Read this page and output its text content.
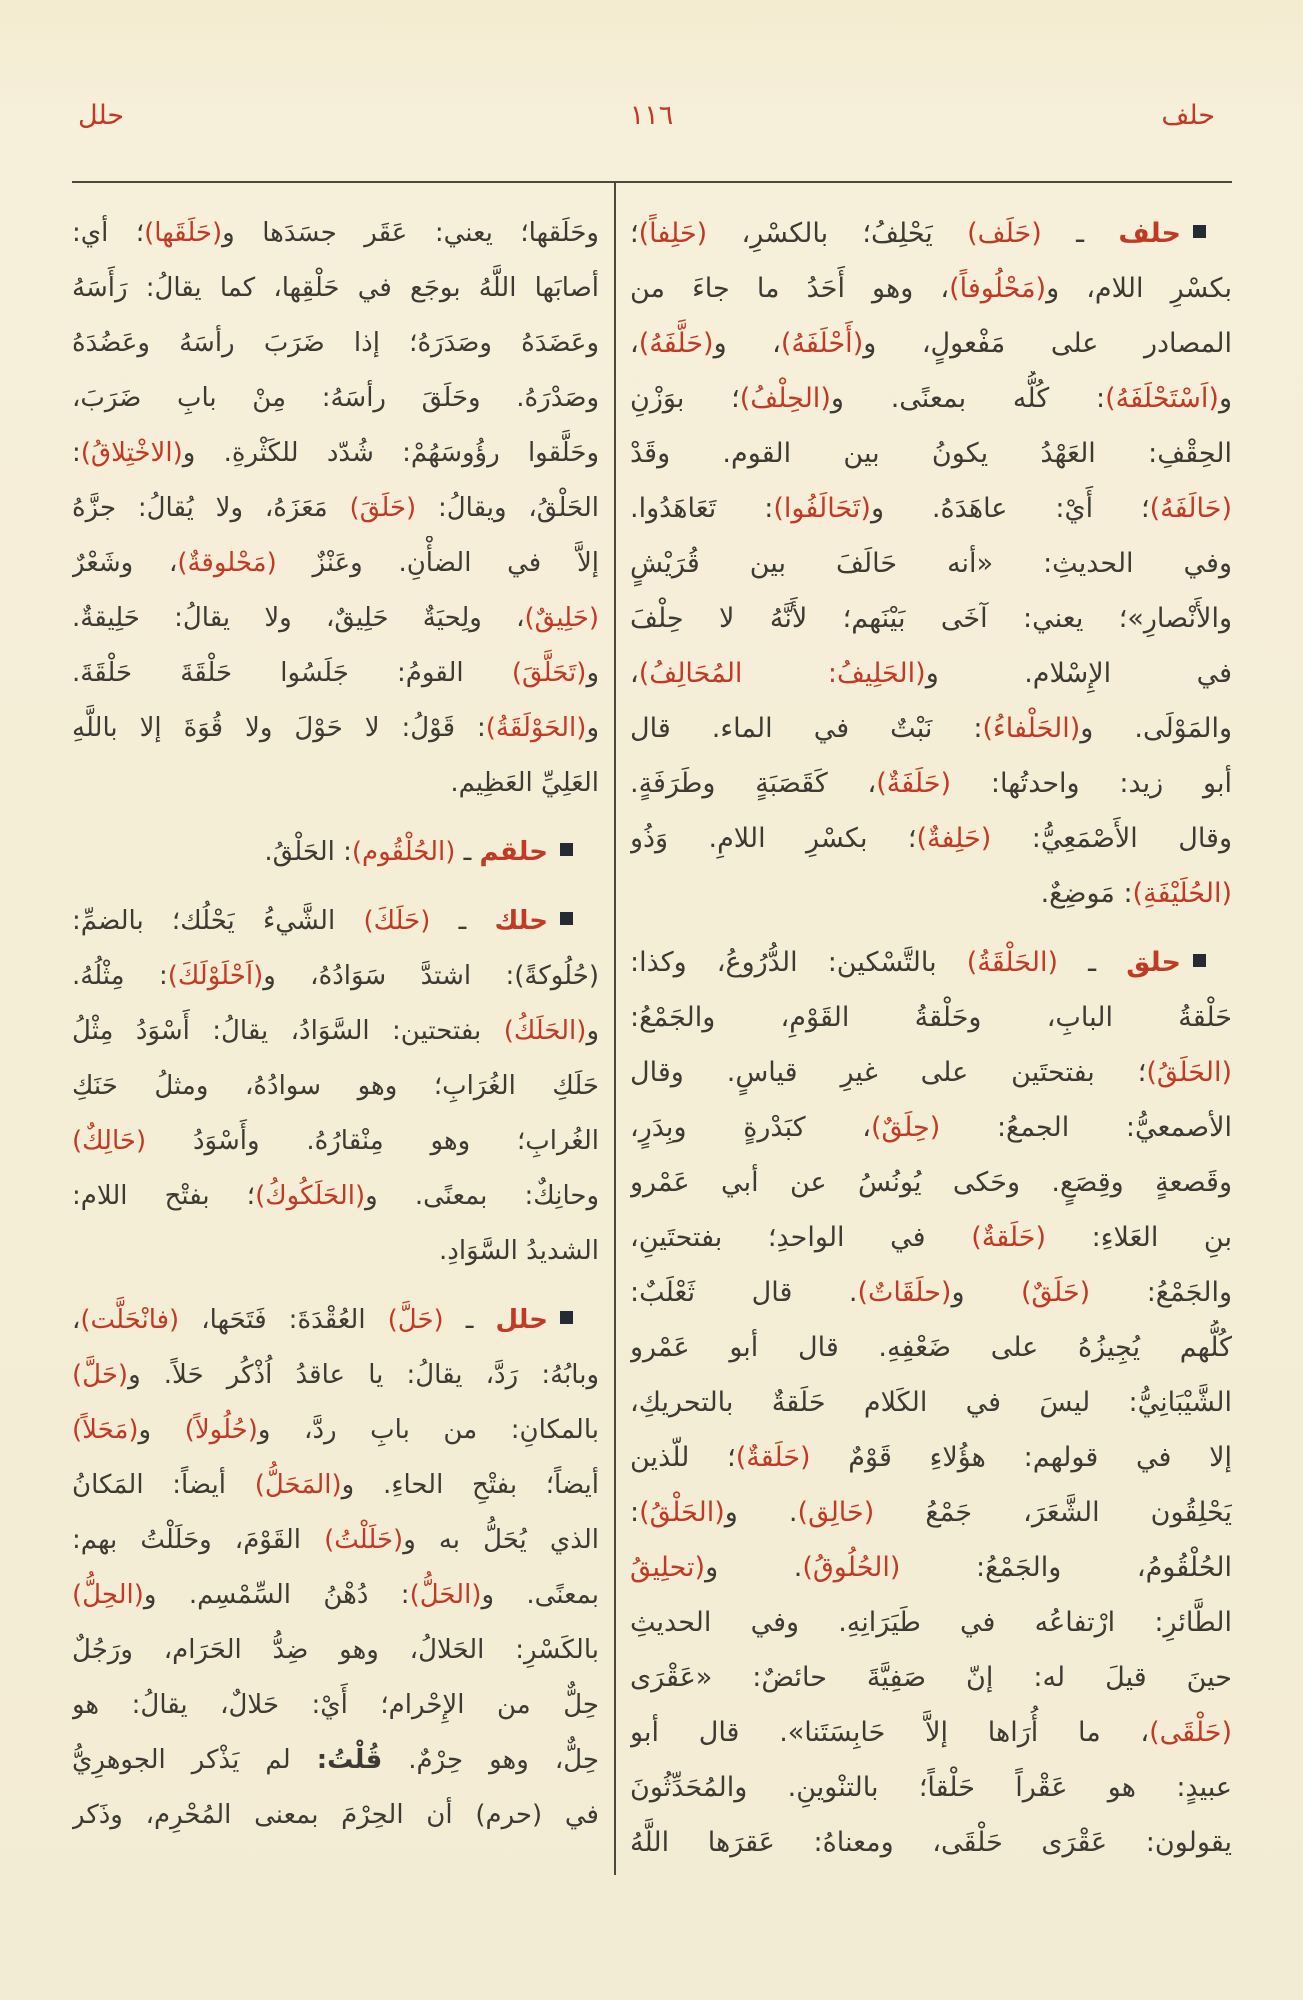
حلف
١١٦
حلل
حلف ـ (حَلَف) يَحْلِفُ؛ بالكسْرِ، (حَلِفاً)؛
بكسْرِ اللام، و(مَحْلُوفاً)، وهو أَحَدُ ما جاءَ من
المصادر على مَفْعولٍ، و(أَحْلَفَهُ)، و(حَلَّفَهُ)،
و(اَسْتَحْلَفَهُ): كُلُّه بمعنًى. و(الحِلْفُ)؛ بوَزْنِ
الحِقْفِ: العَهْدُ يكونُ بين القوم. وقَدْ
(حَالَفَهُ)؛ أَيْ: عاهَدَهُ. و(تَحَالَفُوا): تَعَاهَدُوا.
وفي الحديثِ: «أنه حَالَفَ بين قُرَيْشٍ
والأَنْصارِ»؛ يعني: آخَى بَيْنَهم؛ لأَنَّهُ لا حِلْفَ
في الإِسْلام. و(الحَلِيفُ: المُحَالِفُ)،
والمَوْلَى. و(الحَلْفاءُ): نَبْتٌ في الماء. قال
أبو زيد: واحدتُها: (حَلَفَةٌ)، كَقَصَبَةٍ وطَرَفَةٍ.
وقال الأَصْمَعِيُّ: (حَلِفةٌ)؛ بكسْرِ اللامِ. وَذُو
(الحُلَيْفَةِ): مَوضِعٌ.
حلق ـ (الحَلْقَةُ) بالتَّسْكين: الدُّرُوعُ، وكذا:
حَلْقةُ البابِ، وحَلْقةُ القَوْمِ، والجَمْعُ:
(الحَلَقُ)؛ بفتحتَين على غيرِ قياسٍ. وقال
الأصمعيُّ: الجمعُ: (حِلَقٌ)، كبَدْرةٍ وبِدَرٍ،
وقَصعةٍ وقِصَعٍ. وحَكى يُونُسُ عن أبي عَمْرو
بنِ العَلاءِ: (حَلَقةٌ) في الواحدِ؛ بفتحتَينِ،
والجَمْعُ: (حَلَقٌ) و(حلَقَاتٌ). قال ثَعْلَبٌ:
كُلُّهم يُجِيزُهُ على ضَعْفِهِ. قال أبو عَمْرو
الشَّيْبَانِيُّ: ليسَ في الكَلام حَلَقةٌ بالتحريكِ،
إلا في قولهم: هؤُلاءِ قَوْمٌ (حَلَقةٌ)؛ للّذين
يَحْلِقُون الشَّعَرَ، جَمْعُ (حَالِق). و(الحَلْقُ):
الحُلْقُومُ، والجَمْعُ: (الحُلُوقُ). و(تحلِيقُ
الطَّائرِ: ارْتفاعُه في طَيَرَانِهِ. وفي الحديثِ
حينَ قيلَ له: إنّ صَفِيَّةَ حائضٌ: «عَقْرَى
(حَلْقَى)، ما أُرَاها إلاَّ حَابِسَتَنا». قال أبو
عبيدٍ: هو عَقْراً حَلْقاً؛ بالتنْوينِ. والمُحَدِّثُونَ
يقولون: عَقْرَى حَلْقَى، ومعناهُ: عَقرَها اللَّهُ
وحَلَقها؛ يعني: عَقَر جسَدَها و(حَلَقَها)؛ أي:
أصابَها اللَّهُ بوجَع في حَلْقِها، كما يقالُ: رَأَسَهُ
وعَضَدَهُ وصَدَرَهُ؛ إذا ضَرَبَ رأسَهُ وعَضُدَهُ
وصَدْرَهُ. وحَلَقَ رأسَهُ: مِنْ بابِ ضَرَبَ،
وحَلَّقوا رؤُوسَهُمْ: شُدّد للكَثْرةِ. و(الاخْتِلاقُ):
الحَلْقُ، ويقالُ: (حَلَقَ) مَعَزَهُ، ولا يُقالُ: جزَّهُ
إلاَّ في الضأْنِ. وعَنْزٌ (مَحْلوقةٌ)، وشَعْرٌ
(حَلِيقٌ)، ولِحيَةٌ حَلِيقٌ، ولا يقالُ: حَلِيقةٌ.
و(تَحَلَّقَ) القومُ: جَلَسُوا حَلْقَةَ حَلْقَةَ.
و(الحَوْلَقَةُ): قَوْلُ: لا حَوْلَ ولا قُوَةَ إلا باللَّهِ
العَلِيِّ العَظِيم.
حلقم ـ (الحُلْقُوم): الحَلْقُ.
حلك ـ (حَلَكَ) الشَّيءُ يَحْلُك؛ بالضمِّ:
(حُلُوكةً): اشتدَّ سَوَادُهُ، و(اَحْلَوْلَكَ): مِثْلُهُ.
و(الحَلَكُ) بفتحتين: السَّوَادُ، يقالُ: أَسْوَدُ مِثْلُ
حَلَكِ الغُرَابِ؛ وهو سوادُهُ، ومثلُ حَنَكِ
الغُرابِ؛ وهو مِنْقارُهُ. وأَسْوَدُ (حَالِكٌ)
وحانِكٌ: بمعنًى. و(الحَلَكُوكُ)؛ بفتْح اللام:
الشديدُ السَّوَادِ.
حلل ـ (حَلَّ) العُقْدَةَ: فَتَحَها، (فانْحَلَّت)،
وبابُهُ: رَدَّ، يقالُ: يا عاقدُ اُذْكُر حَلاً. و(حَلَّ)
بالمكانِ: من بابِ ردَّ، و(حُلُولاً) و(مَحَلاً)
أيضاً؛ بفتْحِ الحاءِ. و(المَحَلُّ) أيضاً: المَكانُ
الذي يُحَلُّ به و(حَلَلْتُ) القَوْمَ، وحَلَلْتُ بهم:
بمعنًى. و(الحَلُّ): دُهْنُ السِّمْسِم. و(الحِلُّ)
بالكَسْرِ: الحَلالُ، وهو ضِدُّ الحَرَام، ورَجُلٌ
حِلٌّ من الإِحْرام؛ أَيْ: حَلالٌ، يقالُ: هو
حِلٌّ، وهو حِرْمٌ. قُلْتُ: لم يَذْكر الجوهرِيُّ
في (حرم) أن الحِرْمَ بمعنى المُحْرِم، وذَكر
